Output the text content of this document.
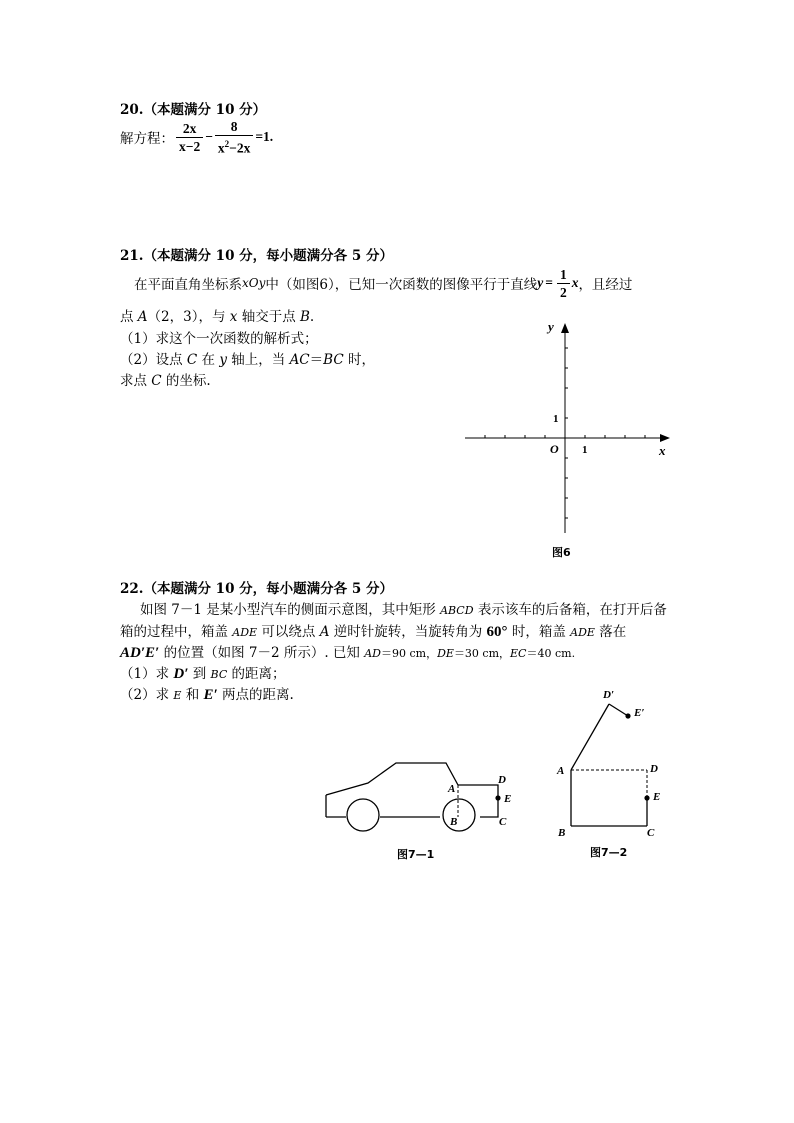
20.（本题满分 10 分）
解方程： $\frac{2x}{x-2} - \frac{8}{x^2-2x} =1$.
21.（本题满分 10 分，每小题满分各 5 分）
在平面直角坐标系 xOy 中（如图6），已知一次函数的图像平行于直线 $y = \frac{1}{2}$ x ，且经过
点 A（2，3），与 x 轴交于点 B.
（1）求这个一次函数的解析式；
（2）设点 C 在 y 轴上，当 AC＝BC 时，
求点 C 的坐标.
y
x
O
1
1
图6
22.（本题满分 10 分，每小题满分各 5 分）
如图 7－1 是某小型汽车的侧面示意图，其中矩形 ABCD 表示该车的后备箱，在打开后备
箱的过程中，箱盖 ADE 可以绕点 A 逆时针旋转，当旋转角为 60° 时，箱盖 ADE 落在
AD′E′ 的位置（如图 7－2 所示）. 已知 AD＝90 cm，DE＝30 cm，EC＝40 cm.
（1）求 D′ 到 BC 的距离；
（2）求 E 和 E′ 两点的距离.
A
B	C
D
E
图7—1
A
B	C
D
E
D′
E′
图7—2
